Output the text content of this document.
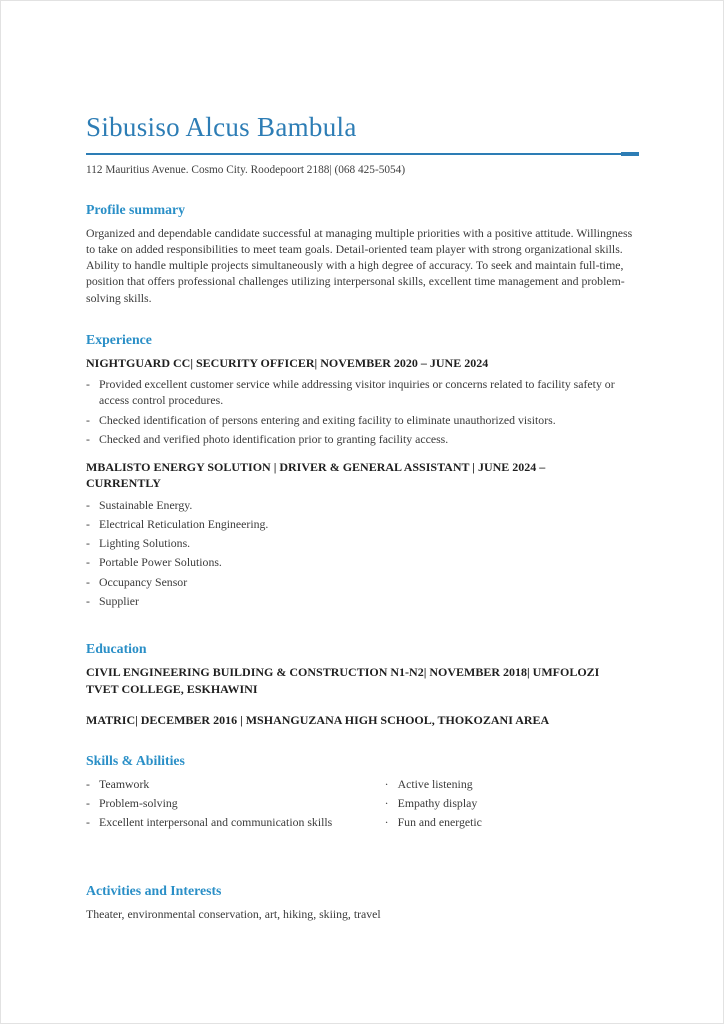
Sibusiso Alcus Bambula

112 Mauritius Avenue. Cosmo City. Roodepoort 2188| (068 425-5054)

Profile summary

Organized and dependable candidate successful at managing multiple priorities with a positive attitude. Willingness to take on added responsibilities to meet team goals. Detail-oriented team player with strong organizational skills. Ability to handle multiple projects simultaneously with a high degree of accuracy. To seek and maintain full-time, position that offers professional challenges utilizing interpersonal skills, excellent time management and problem-solving skills.

Experience

NIGHTGUARD CC| SECURITY OFFICER| NOVEMBER 2020 – JUNE 2024

- Provided excellent customer service while addressing visitor inquiries or concerns related to facility safety or access control procedures.
- Checked identification of persons entering and exiting facility to eliminate unauthorized visitors.
- Checked and verified photo identification prior to granting facility access.

MBALISTO ENERGY SOLUTION | DRIVER & GENERAL ASSISTANT | JUNE 2024 – CURRENTLY

- Sustainable Energy.
- Electrical Reticulation Engineering.
- Lighting Solutions.
- Portable Power Solutions.
- Occupancy Sensor
- Supplier
Education

CIVIL ENGINEERING BUILDING & CONSTRUCTION N1-N2| NOVEMBER 2018| UMFOLOZI TVET COLLEGE, ESKHAWINI

MATRIC| DECEMBER 2016 | MSHANGUZANA HIGH SCHOOL, THOKOZANI AREA

Skills & Abilities
- Teamwork
- Problem-solving
- Excellent interpersonal and communication skills
· Active listening
· Empathy display
· Fun and energetic
Activities and Interests

Theater, environmental conservation, art, hiking, skiing, travel
